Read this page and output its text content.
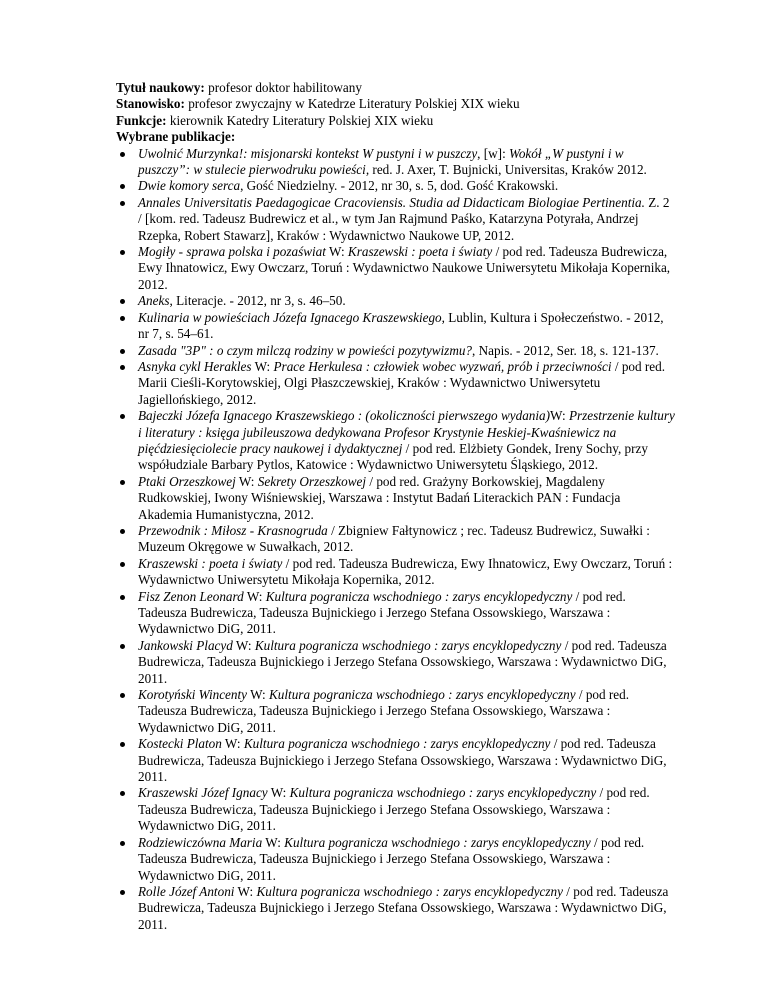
Tytuł naukowy: profesor doktor habilitowany

Stanowisko: profesor zwyczajny w Katedrze Literatury Polskiej XIX wieku

Funkcje: kierownik Katedry Literatury Polskiej XIX wieku

Wybrane publikacje:

Uwolnić Murzynka!: misjonarski kontekst W pustyni i w puszczy, [w]: Wokół „W pustyni i w puszczy”: w stulecie pierwodruku powieści, red. J. Axer, T. Bujnicki, Universitas, Kraków 2012.
Dwie komory serca, Gość Niedzielny. - 2012, nr 30, s. 5, dod. Gość Krakowski.
Annales Universitatis Paedagogicae Cracoviensis. Studia ad Didacticam Biologiae Pertinentia. Z. 2 / [kom. red. Tadeusz Budrewicz et al., w tym Jan Rajmund Paśko, Katarzyna Potyrała, Andrzej Rzepka, Robert Stawarz], Kraków : Wydawnictwo Naukowe UP, 2012.
Mogiły - sprawa polska i pozaświat W: Kraszewski : poeta i światy / pod red. Tadeusza Budrewicza, Ewy Ihnatowicz, Ewy Owczarz, Toruń : Wydawnictwo Naukowe Uniwersytetu Mikołaja Kopernika, 2012.
Aneks, Literacje. - 2012, nr 3, s. 46–50.
Kulinaria w powieściach Józefa Ignacego Kraszewskiego, Lublin, Kultura i Społeczeństwo. - 2012, nr 7, s. 54–61.
Zasada "3P" : o czym milczą rodziny w powieści pozytywizmu?, Napis. - 2012, Ser. 18, s. 121-137.
Asnyka cykl Herakles W: Prace Herkulesa : człowiek wobec wyzwań, prób i przeciwności / pod red. Marii Cieśli-Korytowskiej, Olgi Płaszczewskiej, Kraków : Wydawnictwo Uniwersytetu Jagiellońskiego, 2012.
Bajeczki Józefa Ignacego Kraszewskiego : (okoliczności pierwszego wydania)W: Przestrzenie kultury i literatury : księga jubileuszowa dedykowana Profesor Krystynie Heskiej-Kwaśniewicz na pięćdziesięciolecie pracy naukowej i dydaktycznej / pod red. Elżbiety Gondek, Ireny Sochy, przy współudziale Barbary Pytlos, Katowice : Wydawnictwo Uniwersytetu Śląskiego, 2012.
Ptaki Orzeszkowej W: Sekrety Orzeszkowej / pod red. Grażyny Borkowskiej, Magdaleny Rudkowskiej, Iwony Wiśniewskiej, Warszawa : Instytut Badań Literackich PAN : Fundacja Akademia Humanistyczna, 2012.
Przewodnik : Miłosz - Krasnogruda / Zbigniew Fałtynowicz ; rec. Tadeusz Budrewicz, Suwałki : Muzeum Okręgowe w Suwałkach, 2012.
Kraszewski : poeta i światy / pod red. Tadeusza Budrewicza, Ewy Ihnatowicz, Ewy Owczarz, Toruń : Wydawnictwo Uniwersytetu Mikołaja Kopernika, 2012.
Fisz Zenon Leonard W: Kultura pogranicza wschodniego : zarys encyklopedyczny / pod red. Tadeusza Budrewicza, Tadeusza Bujnickiego i Jerzego Stefana Ossowskiego, Warszawa : Wydawnictwo DiG, 2011.
Jankowski Placyd W: Kultura pogranicza wschodniego : zarys encyklopedyczny / pod red. Tadeusza Budrewicza, Tadeusza Bujnickiego i Jerzego Stefana Ossowskiego, Warszawa : Wydawnictwo DiG, 2011.
Korotyński Wincenty W: Kultura pogranicza wschodniego : zarys encyklopedyczny / pod red. Tadeusza Budrewicza, Tadeusza Bujnickiego i Jerzego Stefana Ossowskiego, Warszawa : Wydawnictwo DiG, 2011.
Kostecki Platon W: Kultura pogranicza wschodniego : zarys encyklopedyczny / pod red. Tadeusza Budrewicza, Tadeusza Bujnickiego i Jerzego Stefana Ossowskiego, Warszawa : Wydawnictwo DiG, 2011.
Kraszewski Józef Ignacy W: Kultura pogranicza wschodniego : zarys encyklopedyczny / pod red. Tadeusza Budrewicza, Tadeusza Bujnickiego i Jerzego Stefana Ossowskiego, Warszawa : Wydawnictwo DiG, 2011.
Rodziewiczówna Maria W: Kultura pogranicza wschodniego : zarys encyklopedyczny / pod red. Tadeusza Budrewicza, Tadeusza Bujnickiego i Jerzego Stefana Ossowskiego, Warszawa : Wydawnictwo DiG, 2011.
Rolle Józef Antoni W: Kultura pogranicza wschodniego : zarys encyklopedyczny / pod red. Tadeusza Budrewicza, Tadeusza Bujnickiego i Jerzego Stefana Ossowskiego, Warszawa : Wydawnictwo DiG, 2011.
